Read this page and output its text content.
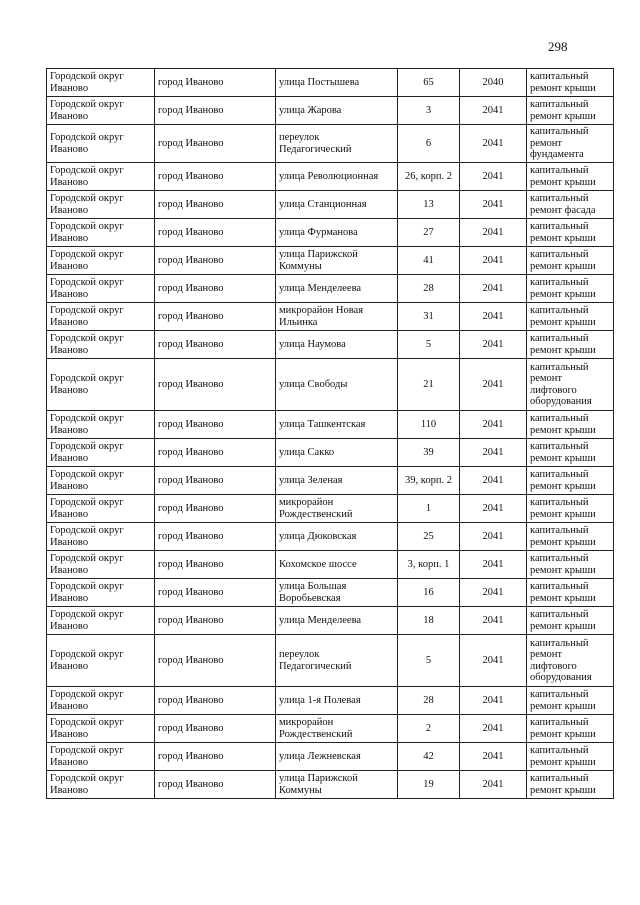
298
Городской округ Иваново	город Иваново	улица Постышева	65	2040	капитальный ремонт крыши
Городской округ Иваново	город Иваново	улица Жарова	3	2041	капитальный ремонт крыши
Городской округ Иваново	город Иваново	переулок Педагогический	6	2041	капитальный ремонт фундамента
Городской округ Иваново	город Иваново	улица Революционная	26, корп. 2	2041	капитальный ремонт крыши
Городской округ Иваново	город Иваново	улица Станционная	13	2041	капитальный ремонт фасада
Городской округ Иваново	город Иваново	улица Фурманова	27	2041	капитальный ремонт крыши
Городской округ Иваново	город Иваново	улица Парижской Коммуны	41	2041	капитальный ремонт крыши
Городской округ Иваново	город Иваново	улица Менделеева	28	2041	капитальный ремонт крыши
Городской округ Иваново	город Иваново	микрорайон Новая Ильинка	31	2041	капитальный ремонт крыши
Городской округ Иваново	город Иваново	улица Наумова	5	2041	капитальный ремонт крыши
Городской округ Иваново	город Иваново	улица Свободы	21	2041	капитальный ремонт лифтового оборудования
Городской округ Иваново	город Иваново	улица Ташкентская	110	2041	капитальный ремонт крыши
Городской округ Иваново	город Иваново	улица Сакко	39	2041	капитальный ремонт крыши
Городской округ Иваново	город Иваново	улица Зеленая	39, корп. 2	2041	капитальный ремонт крыши
Городской округ Иваново	город Иваново	микрорайон Рождественский	1	2041	капитальный ремонт крыши
Городской округ Иваново	город Иваново	улица Дюковская	25	2041	капитальный ремонт крыши
Городской округ Иваново	город Иваново	Кохомское шоссе	3, корп. 1	2041	капитальный ремонт крыши
Городской округ Иваново	город Иваново	улица Большая Воробьевская	16	2041	капитальный ремонт крыши
Городской округ Иваново	город Иваново	улица Менделеева	18	2041	капитальный ремонт крыши
Городской округ Иваново	город Иваново	переулок Педагогический	5	2041	капитальный ремонт лифтового оборудования
Городской округ Иваново	город Иваново	улица 1-я Полевая	28	2041	капитальный ремонт крыши
Городской округ Иваново	город Иваново	микрорайон Рождественский	2	2041	капитальный ремонт крыши
Городской округ Иваново	город Иваново	улица Лежневская	42	2041	капитальный ремонт крыши
Городской округ Иваново	город Иваново	улица Парижской Коммуны	19	2041	капитальный ремонт крыши
